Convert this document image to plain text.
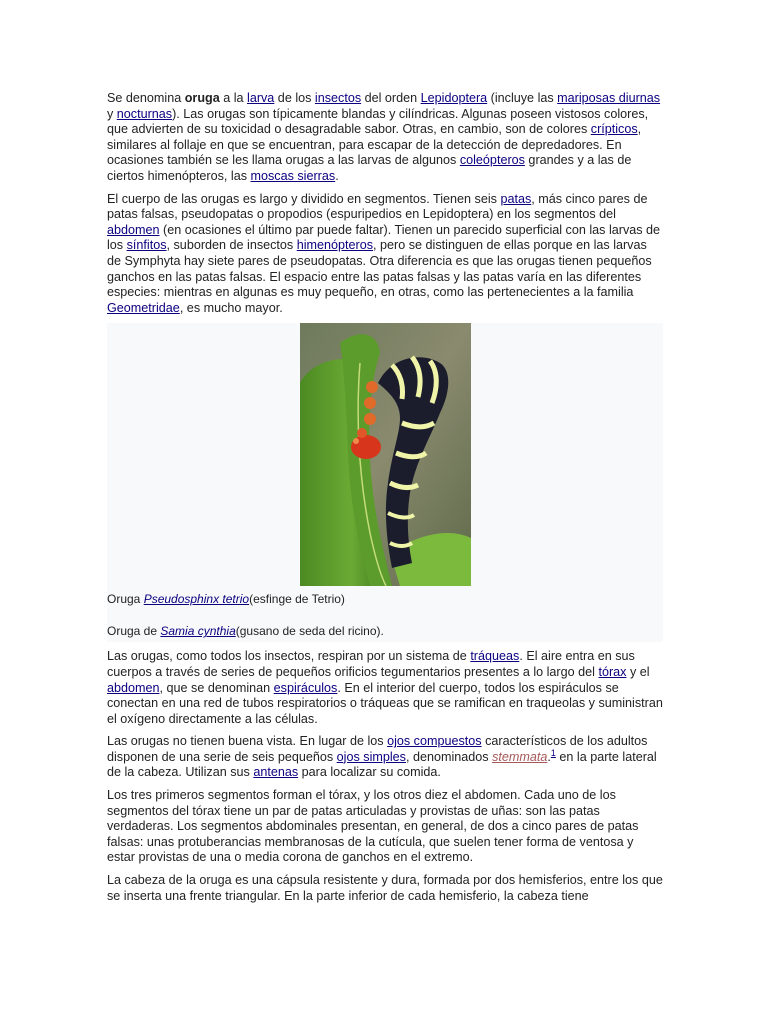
Se denomina oruga a la larva de los insectos del orden Lepidoptera (incluye las mariposas diurnas y nocturnas). Las orugas son típicamente blandas y cilíndricas. Algunas poseen vistosos colores, que advierten de su toxicidad o desagradable sabor. Otras, en cambio, son de colores crípticos, similares al follaje en que se encuentran, para escapar de la detección de depredadores. En ocasiones también se les llama orugas a las larvas de algunos coleópteros grandes y a las de ciertos himenópteros, las moscas sierras.

El cuerpo de las orugas es largo y dividido en segmentos. Tienen seis patas, más cinco pares de patas falsas, pseudopatas o propodios (espuripedios en Lepidoptera) en los segmentos del abdomen (en ocasiones el último par puede faltar). Tienen un parecido superficial con las larvas de los sínfitos, suborden de insectos himenópteros, pero se distinguen de ellas porque en las larvas de Symphyta hay siete pares de pseudopatas. Otra diferencia es que las orugas tienen pequeños ganchos en las patas falsas. El espacio entre las patas falsas y las patas varía en las diferentes especies: mientras en algunas es muy pequeño, en otras, como las pertenecientes a la familia Geometridae, es mucho mayor.

Oruga Pseudosphinx tetrio(esfinge de Tetrio)
Oruga de Samia cynthia(gusano de seda del ricino).

Las orugas, como todos los insectos, respiran por un sistema de tráqueas. El aire entra en sus cuerpos a través de series de pequeños orificios tegumentarios presentes a lo largo del tórax y el abdomen, que se denominan espiráculos. En el interior del cuerpo, todos los espiráculos se conectan en una red de tubos respiratorios o tráqueas que se ramifican en traqueolas y suministran el oxígeno directamente a las células.

Las orugas no tienen buena vista. En lugar de los ojos compuestos característicos de los adultos disponen de una serie de seis pequeños ojos simples, denominados stemmata.$^1$ en la parte lateral de la cabeza. Utilizan sus antenas para localizar su comida.

Los tres primeros segmentos forman el tórax, y los otros diez el abdomen. Cada uno de los segmentos del tórax tiene un par de patas articuladas y provistas de uñas: son las patas verdaderas. Los segmentos abdominales presentan, en general, de dos a cinco pares de patas falsas: unas protuberancias membranosas de la cutícula, que suelen tener forma de ventosa y estar provistas de una o media corona de ganchos en el extremo.

La cabeza de la oruga es una cápsula resistente y dura, formada por dos hemisferios, entre los que se inserta una frente triangular. En la parte inferior de cada hemisferio, la cabeza tiene
